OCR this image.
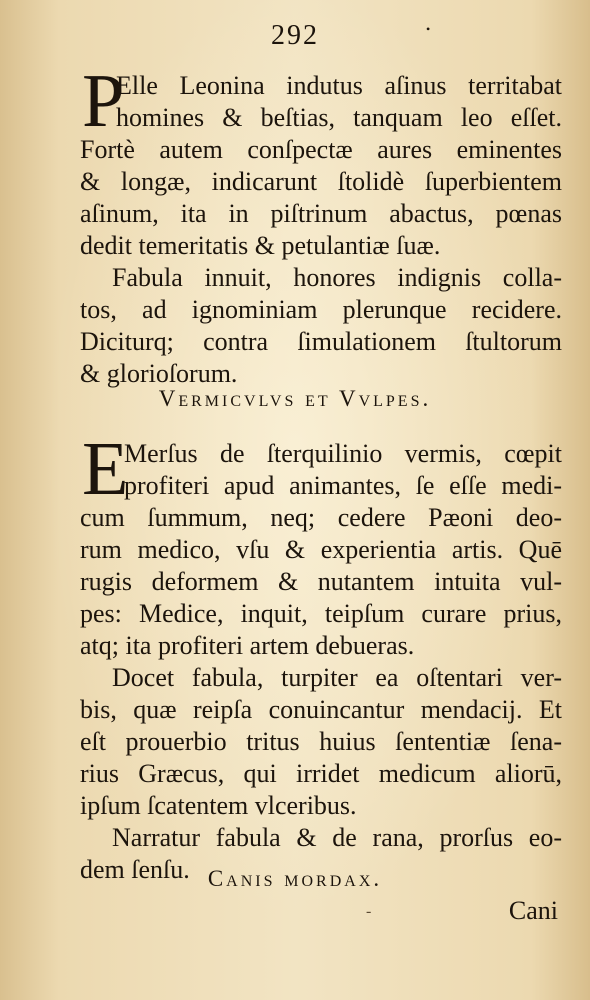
292	•
P
Elle Leonina indutus aſinus territabat
homines & beſtias, tanquam leo eſſet.
Fortè autem conſpectæ aures eminentes
& longæ, indicarunt ſtolidè ſuperbientem
aſinum, ita in piſtrinum abactus, pœnas
dedit temeritatis & petulantiæ ſuæ.
Fabula innuit, honores indignis colla-
tos, ad ignominiam plerunque recidere.
Diciturq; contra ſimulationem ſtultorum
& glorioſorum.
Vermicvlvs et Vvlpes.
E
Merſus de ſterquilinio vermis, cœpit
profiteri apud animantes, ſe eſſe medi-
cum ſummum, neq; cedere Pæoni deo-
rum medico, vſu & experientia artis. Quē
rugis deformem & nutantem intuita vul-
pes: Medice, inquit, teipſum curare prius,
atq; ita profiteri artem debueras.
Docet fabula, turpiter ea oſtentari ver-
bis, quæ reipſa conuincantur mendacij. Et
eſt prouerbio tritus huius ſententiæ ſena-
rius Græcus, qui irridet medicum aliorū,
ipſum ſcatentem vlceribus.
Narratur fabula & de rana, prorſus eo-
dem ſenſu. Canis mordax.
-	Cani
